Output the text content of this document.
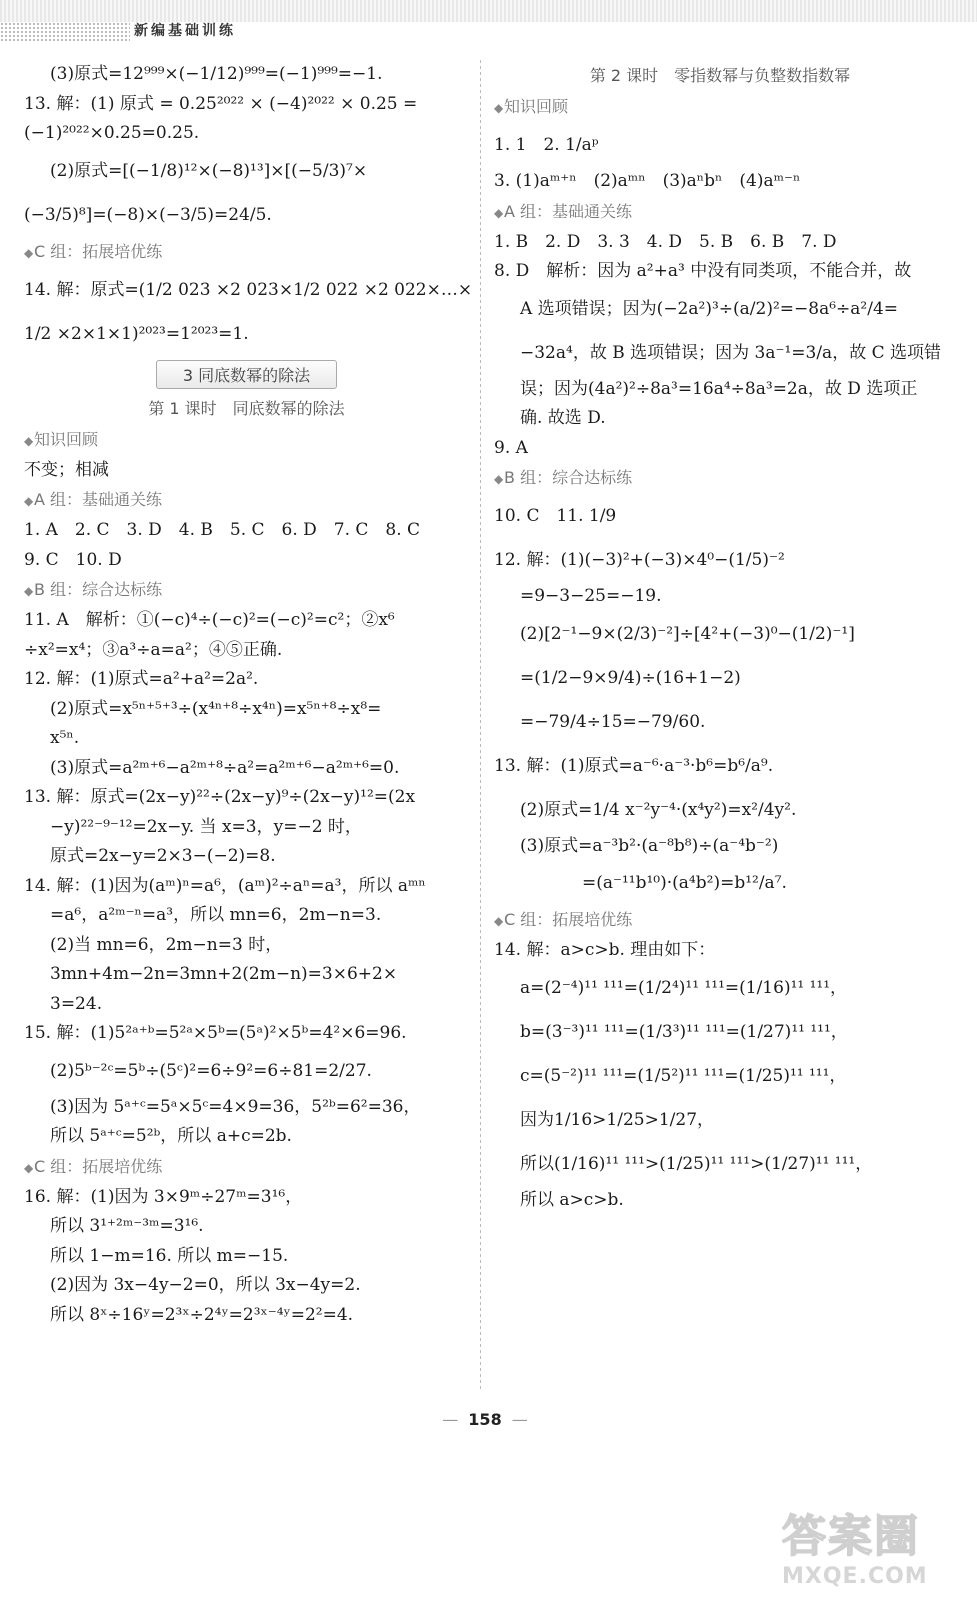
新编基础训练
(3)原式=12⁹⁹⁹×(−1/12)⁹⁹⁹=(−1)⁹⁹⁹=−1.
13. 解：(1) 原式 = 0.25²⁰²² × (−4)²⁰²² × 0.25 =
(−1)²⁰²²×0.25=0.25.
(2)原式=[(−1/8)¹²×(−8)¹³]×[(−5/3)⁷×
(−3/5)⁸]=(−8)×(−3/5)=24/5.
◆C 组：拓展培优练
14. 解：原式=(1/2 023 ×2 023×1/2 022 ×2 022×…×
1/2 ×2×1×1)²⁰²³=1²⁰²³=1.
3 同底数幂的除法
第 1 课时　同底数幂的除法
◆知识回顾
不变；相减
◆A 组：基础通关练
1. A　2. C　3. D　4. B　5. C　6. D　7. C　8. C
9. C　10. D
◆B 组：综合达标练
11. A　解析：①(−c)⁴÷(−c)²=(−c)²=c²；②x⁶
÷x²=x⁴；③a³÷a=a²；④⑤正确.
12. 解：(1)原式=a²+a²=2a².
(2)原式=x⁵ⁿ⁺⁵⁺³÷(x⁴ⁿ⁺⁸÷x⁴ⁿ)=x⁵ⁿ⁺⁸÷x⁸=
x⁵ⁿ.
(3)原式=a²ᵐ⁺⁶−a²ᵐ⁺⁸÷a²=a²ᵐ⁺⁶−a²ᵐ⁺⁶=0.
13. 解：原式=(2x−y)²²÷(2x−y)⁹÷(2x−y)¹²=(2x
−y)²²⁻⁹⁻¹²=2x−y. 当 x=3，y=−2 时，
原式=2x−y=2×3−(−2)=8.
14. 解：(1)因为(aᵐ)ⁿ=a⁶，(aᵐ)²÷aⁿ=a³，所以 aᵐⁿ
=a⁶，a²ᵐ⁻ⁿ=a³，所以 mn=6，2m−n=3.
(2)当 mn=6，2m−n=3 时，
3mn+4m−2n=3mn+2(2m−n)=3×6+2×
3=24.
15. 解：(1)5²ᵃ⁺ᵇ=5²ᵃ×5ᵇ=(5ᵃ)²×5ᵇ=4²×6=96.
(2)5ᵇ⁻²ᶜ=5ᵇ÷(5ᶜ)²=6÷9²=6÷81=2/27.
(3)因为 5ᵃ⁺ᶜ=5ᵃ×5ᶜ=4×9=36，5²ᵇ=6²=36，
所以 5ᵃ⁺ᶜ=5²ᵇ，所以 a+c=2b.
◆C 组：拓展培优练
16. 解：(1)因为 3×9ᵐ÷27ᵐ=3¹⁶，
所以 3¹⁺²ᵐ⁻³ᵐ=3¹⁶.
所以 1−m=16. 所以 m=−15.
(2)因为 3x−4y−2=0，所以 3x−4y=2.
所以 8ˣ÷16ʸ=2³ˣ÷2⁴ʸ=2³ˣ⁻⁴ʸ=2²=4.
第 2 课时　零指数幂与负整数指数幂
◆知识回顾
1. 1　2. 1/aᵖ
3. (1)aᵐ⁺ⁿ　(2)aᵐⁿ　(3)aⁿbⁿ　(4)aᵐ⁻ⁿ
◆A 组：基础通关练
1. B　2. D　3. 3　4. D　5. B　6. B　7. D
8. D　解析：因为 a²+a³ 中没有同类项，不能合并，故
A 选项错误；因为(−2a²)³÷(a/2)²=−8a⁶÷a²/4=
−32a⁴，故 B 选项错误；因为 3a⁻¹=3/a，故 C 选项错
误；因为(4a²)²÷8a³=16a⁴÷8a³=2a，故 D 选项正
确. 故选 D.
9. A
◆B 组：综合达标练
10. C　11. 1/9
12. 解：(1)(−3)²+(−3)×4⁰−(1/5)⁻²
=9−3−25=−19.
(2)[2⁻¹−9×(2/3)⁻²]÷[4²+(−3)⁰−(1/2)⁻¹]
=(1/2−9×9/4)÷(16+1−2)
=−79/4÷15=−79/60.
13. 解：(1)原式=a⁻⁶·a⁻³·b⁶=b⁶/a⁹.
(2)原式=1/4 x⁻²y⁻⁴·(x⁴y²)=x²/4y².
(3)原式=a⁻³b²·(a⁻⁸b⁸)÷(a⁻⁴b⁻²)
=(a⁻¹¹b¹⁰)·(a⁴b²)=b¹²/a⁷.
◆C 组：拓展培优练
14. 解：a>c>b. 理由如下：
a=(2⁻⁴)¹¹ ¹¹¹=(1/2⁴)¹¹ ¹¹¹=(1/16)¹¹ ¹¹¹，
b=(3⁻³)¹¹ ¹¹¹=(1/3³)¹¹ ¹¹¹=(1/27)¹¹ ¹¹¹，
c=(5⁻²)¹¹ ¹¹¹=(1/5²)¹¹ ¹¹¹=(1/25)¹¹ ¹¹¹，
因为1/16>1/25>1/27，
所以(1/16)¹¹ ¹¹¹>(1/25)¹¹ ¹¹¹>(1/27)¹¹ ¹¹¹，
所以 a>c>b.
— 158 —
答案圈
MXQE.COM
